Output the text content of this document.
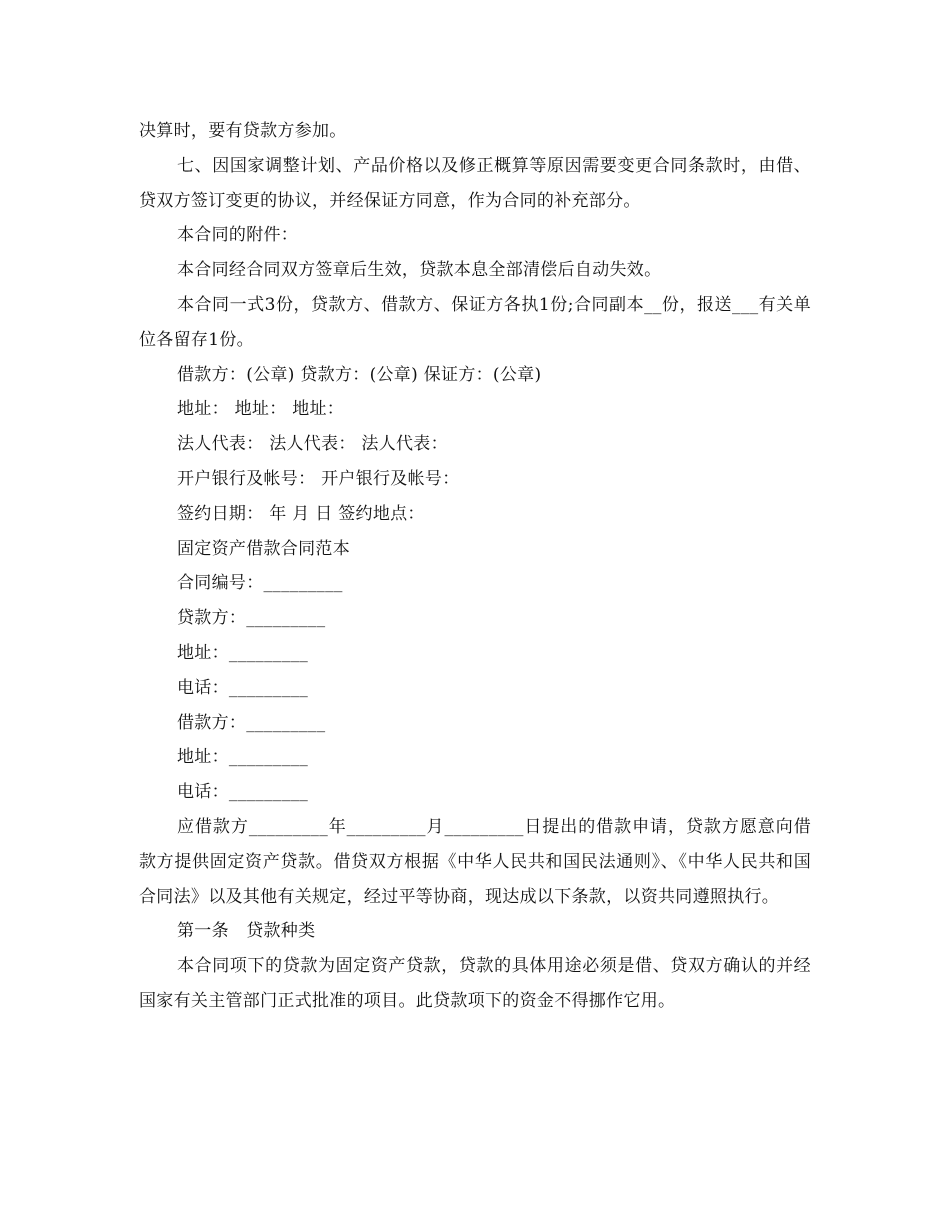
决算时，要有贷款方参加。

七、因国家调整计划、产品价格以及修正概算等原因需要变更合同条款时，由借、贷双方签订变更的协议，并经保证方同意，作为合同的补充部分。

本合同的附件：

本合同经合同双方签章后生效，贷款本息全部清偿后自动失效。

本合同一式3份，贷款方、借款方、保证方各执1份;合同副本__份，报送___有关单位各留存1份。

借款方：(公章) 贷款方：(公章) 保证方：(公章)

地址： 地址： 地址：

法人代表： 法人代表： 法人代表：

开户银行及帐号： 开户银行及帐号：

签约日期： 年 月 日 签约地点：

固定资产借款合同范本

合同编号：_________

贷款方：_________

地址：_________

电话：_________

借款方：_________

地址：_________

电话：_________

应借款方_________年_________月_________日提出的借款申请，贷款方愿意向借款方提供固定资产贷款。借贷双方根据《中华人民共和国民法通则》、《中华人民共和国合同法》以及其他有关规定，经过平等协商，现达成以下条款，以资共同遵照执行。

第一条　贷款种类

本合同项下的贷款为固定资产贷款，贷款的具体用途必须是借、贷双方确认的并经国家有关主管部门正式批准的项目。此贷款项下的资金不得挪作它用。
